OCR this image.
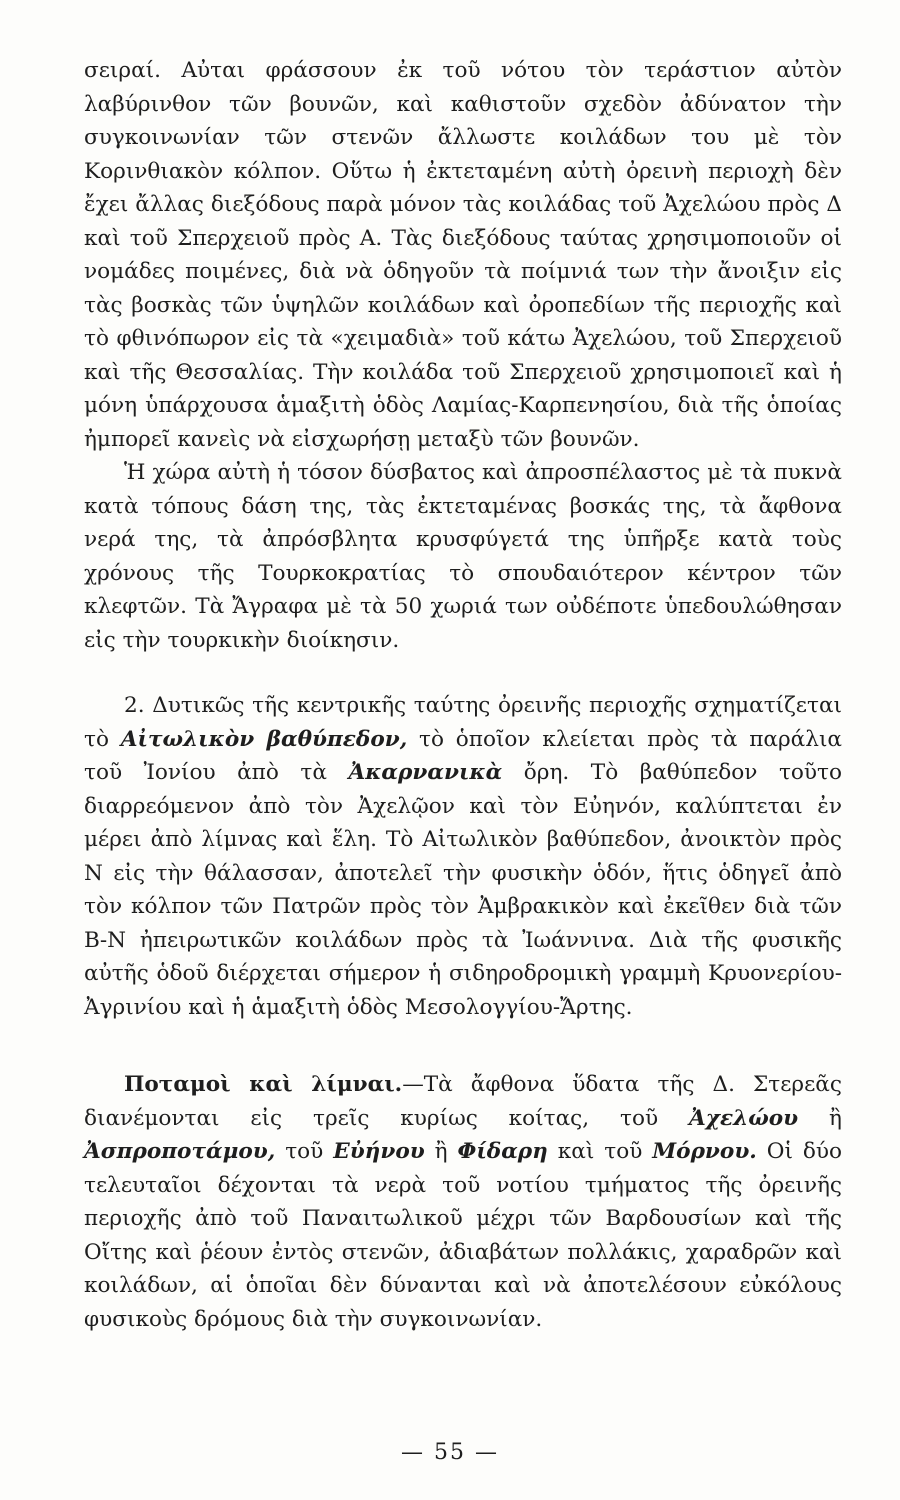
σειραί. Αὐται φράσσουν ἐκ τοῦ νότου τὸν τεράστιον αὐτὸν λαβύρινθον τῶν βουνῶν, καὶ καθιστοῦν σχεδὸν ἀδύνατον τὴν συγκοινωνίαν τῶν στενῶν ἄλλωστε κοιλάδων του μὲ τὸν Κορινθιακὸν κόλπον. Οὕτω ἡ ἐκτεταμένη αὐτὴ ὀρεινὴ περιοχὴ δὲν ἔχει ἄλλας διεξόδους παρὰ μόνον τὰς κοιλάδας τοῦ Ἀχελώου πρὸς Δ καὶ τοῦ Σπερχειοῦ πρὸς Α. Τὰς διεξόδους ταύτας χρησιμοποιοῦν οἱ νομάδες ποιμένες, διὰ νὰ ὁδηγοῦν τὰ ποίμνιά των τὴν ἄνοιξιν εἰς τὰς βοσκὰς τῶν ὑψηλῶν κοιλάδων καὶ ὀροπεδίων τῆς περιοχῆς καὶ τὸ φθινόπωρον εἰς τὰ «χειμαδιὰ» τοῦ κάτω Ἀχελώου, τοῦ Σπερχειοῦ καὶ τῆς Θεσσαλίας. Τὴν κοιλάδα τοῦ Σπερχειοῦ χρησιμοποιεῖ καὶ ἡ μόνη ὑπάρχουσα ἁμαξιτὴ ὁδὸς Λαμίας-Καρπενησίου, διὰ τῆς ὁποίας ἠμπορεῖ κανεὶς νὰ εἰσχωρήσῃ μεταξὺ τῶν βουνῶν.

Ἡ χώρα αὐτὴ ἡ τόσον δύσβατος καὶ ἀπροσπέλαστος μὲ τὰ πυκνὰ κατὰ τόπους δάση της, τὰς ἐκτεταμένας βοσκάς της, τὰ ἄφθονα νερά της, τὰ ἀπρόσβλητα κρυσφύγετά της ὑπῆρξε κατὰ τοὺς χρόνους τῆς Τουρκοκρατίας τὸ σπουδαιότερον κέντρον τῶν κλεφτῶν. Τὰ Ἄγραφα μὲ τὰ 50 χωριά των οὐδέποτε ὑπεδουλώθησαν εἰς τὴν τουρκικὴν διοίκησιν.

2. Δυτικῶς τῆς κεντρικῆς ταύτης ὀρεινῆς περιοχῆς σχηματίζεται τὸ Αἰτωλικὸν βαθύπεδον, τὸ ὁποῖον κλείεται πρὸς τὰ παράλια τοῦ Ἰονίου ἀπὸ τὰ Ἀκαρνανικὰ ὄρη. Τὸ βαθύπεδον τοῦτο διαρρεόμενον ἀπὸ τὸν Ἀχελῷον καὶ τὸν Εὐηνόν, καλύπτεται ἐν μέρει ἀπὸ λίμνας καὶ ἕλη. Τὸ Αἰτωλικὸν βαθύπεδον, ἀνοικτὸν πρὸς Ν εἰς τὴν θάλασσαν, ἀποτελεῖ τὴν φυσικὴν ὁδόν, ἥτις ὁδηγεῖ ἀπὸ τὸν κόλπον τῶν Πατρῶν πρὸς τὸν Ἀμβρακικὸν καὶ ἐκεῖθεν διὰ τῶν Β-Ν ἠπειρωτικῶν κοιλάδων πρὸς τὰ Ἰωάννινα. Διὰ τῆς φυσικῆς αὐτῆς ὁδοῦ διέρχεται σήμερον ἡ σιδηροδρομικὴ γραμμὴ Κρυονερίου-Ἀγρινίου καὶ ἡ ἁμαξιτὴ ὁδὸς Μεσολογγίου-Ἄρτης.

Ποταμοὶ καὶ λίμναι.—Τὰ ἄφθονα ὕδατα τῆς Δ. Στερεᾶς διανέμονται εἰς τρεῖς κυρίως κοίτας, τοῦ Ἀχελώου ἢ Ἀσπροποτάμου, τοῦ Εὐήνου ἢ Φίδαρη καὶ τοῦ Μόρνου. Οἱ δύο τελευταῖοι δέχονται τὰ νερὰ τοῦ νοτίου τμήματος τῆς ὀρεινῆς περιοχῆς ἀπὸ τοῦ Παναιτωλικοῦ μέχρι τῶν Βαρδουσίων καὶ τῆς Οἴτης καὶ ῥέουν ἐντὸς στενῶν, ἀδιαβάτων πολλάκις, χαραδρῶν καὶ κοιλάδων, αἱ ὁποῖαι δὲν δύνανται καὶ νὰ ἀποτελέσουν εὐκόλους φυσικοὺς δρόμους διὰ τὴν συγκοινωνίαν.

— 55 —
